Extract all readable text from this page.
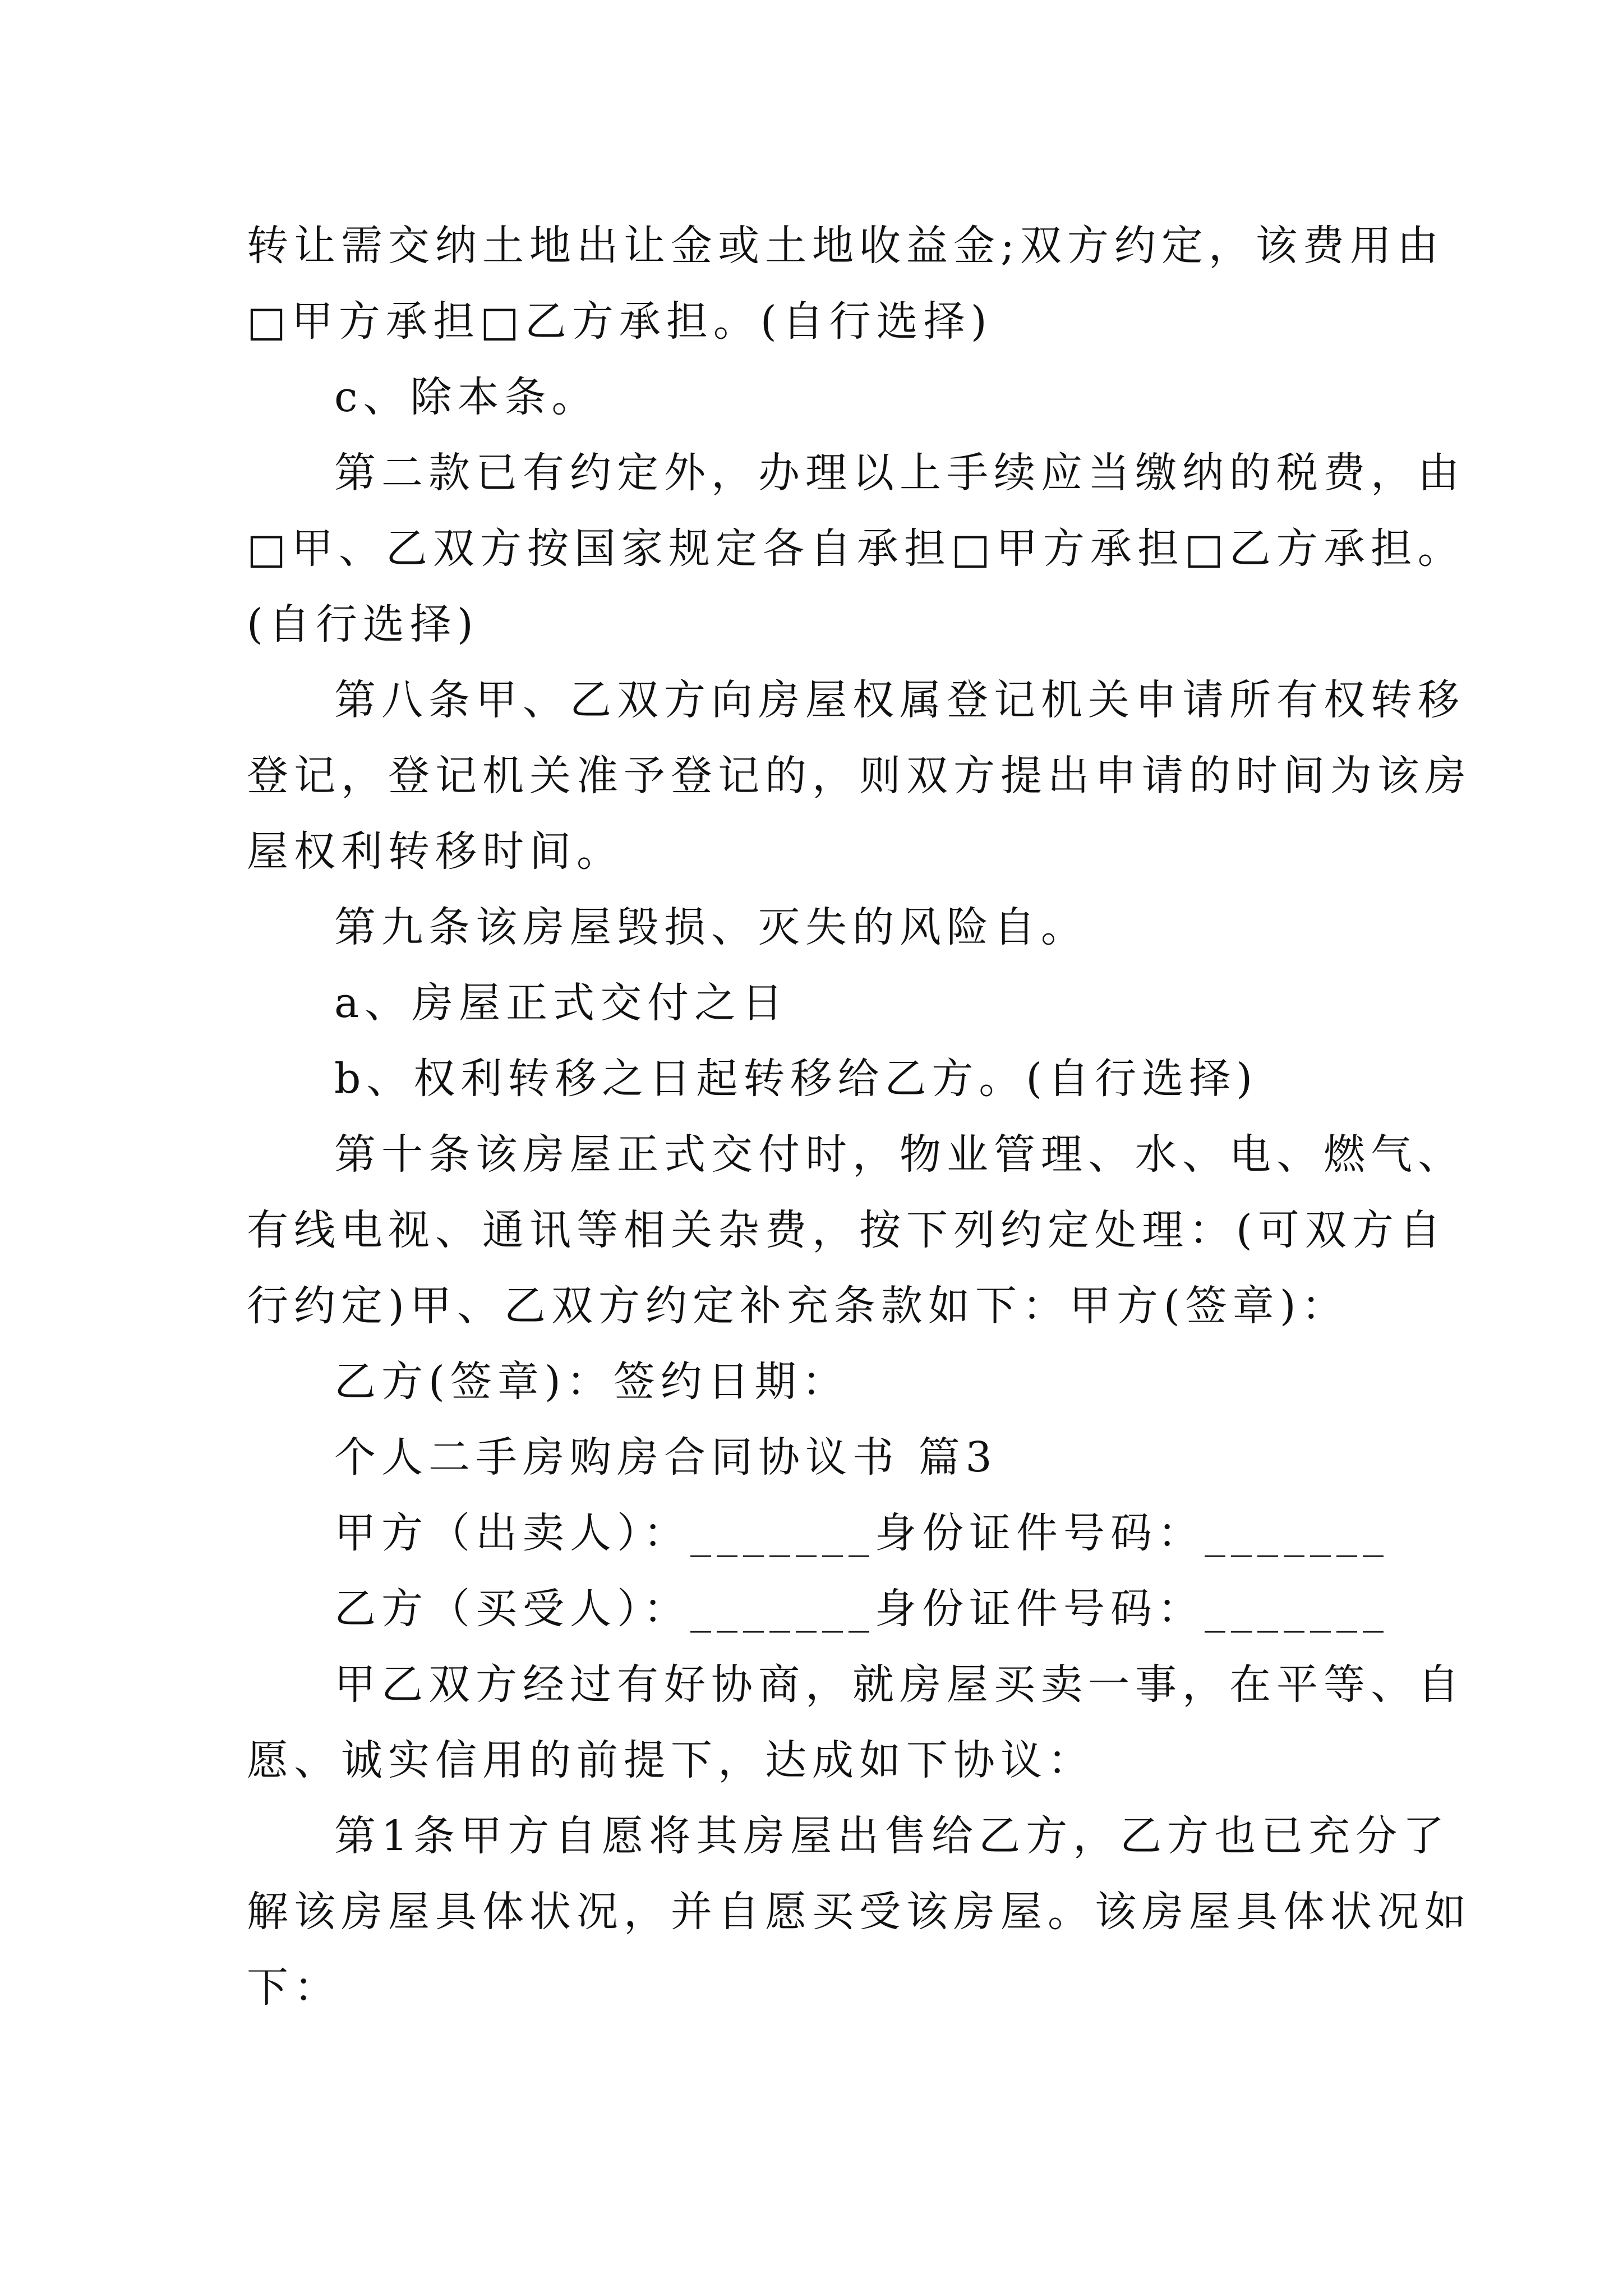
转让需交纳土地出让金或土地收益金;双方约定，该费用由
□甲方承担□乙方承担。(自行选择)
c、除本条。
第二款已有约定外，办理以上手续应当缴纳的税费，由
□甲、乙双方按国家规定各自承担□甲方承担□乙方承担。
(自行选择)
第八条甲、乙双方向房屋权属登记机关申请所有权转移
登记，登记机关准予登记的，则双方提出申请的时间为该房
屋权利转移时间。
第九条该房屋毁损、灭失的风险自。
a、房屋正式交付之日
b、权利转移之日起转移给乙方。(自行选择)
第十条该房屋正式交付时，物业管理、水、电、燃气、
有线电视、通讯等相关杂费，按下列约定处理：(可双方自
行约定)甲、乙双方约定补充条款如下：甲方(签章)：
乙方(签章)：签约日期：
个人二手房购房合同协议书 篇3
甲方（出卖人）：_______身份证件号码：_______
乙方（买受人）：_______身份证件号码：_______
甲乙双方经过有好协商，就房屋买卖一事，在平等、自
愿、诚实信用的前提下，达成如下协议：
第1条甲方自愿将其房屋出售给乙方，乙方也已充分了
解该房屋具体状况，并自愿买受该房屋。该房屋具体状况如
下：
